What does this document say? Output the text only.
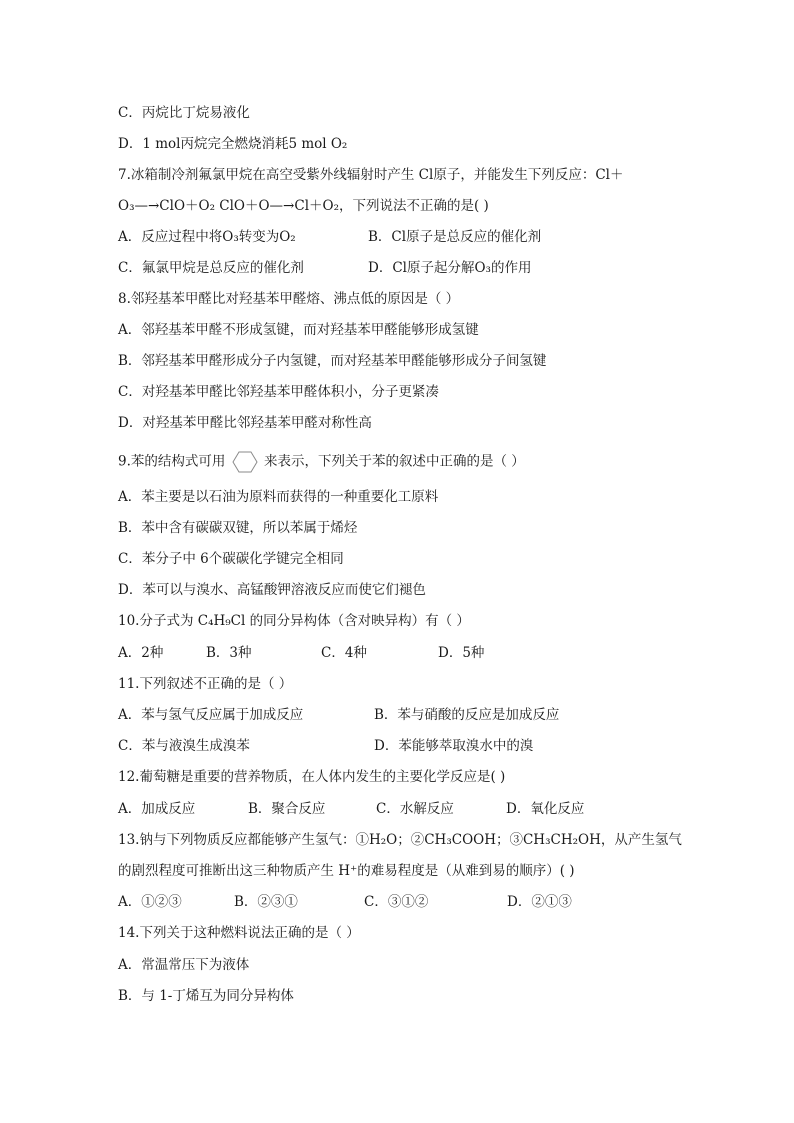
C．丙烷比丁烷易液化
D．1 mol丙烷完全燃烧消耗5 mol O₂
7.冰箱制冷剂氟氯甲烷在高空受紫外线辐射时产生 Cl原子，并能发生下列反应：Cl＋
O₃—→ClO＋O₂ ClO＋O—→Cl＋O₂，下列说法不正确的是( )
A．反应过程中将O₃转变为O₂	B．Cl原子是总反应的催化剂
C．氟氯甲烷是总反应的催化剂	D．Cl原子起分解O₃的作用
8.邻羟基苯甲醛比对羟基苯甲醛熔、沸点低的原因是（ ）
A．邻羟基苯甲醛不形成氢键，而对羟基苯甲醛能够形成氢键
B．邻羟基苯甲醛形成分子内氢键，而对羟基苯甲醛能够形成分子间氢键
C．对羟基苯甲醛比邻羟基苯甲醛体积小，分子更紧凑
D．对羟基苯甲醛比邻羟基苯甲醛对称性高
9.苯的结构式可用	来表示，下列关于苯的叙述中正确的是（ ）
A．苯主要是以石油为原料而获得的一种重要化工原料
B．苯中含有碳碳双键，所以苯属于烯烃
C．苯分子中 6个碳碳化学键完全相同
D．苯可以与溴水、高锰酸钾溶液反应而使它们褪色
10.分子式为 C₄H₉Cl 的同分异构体（含对映异构）有（ ）
A．2种	B．3种	C．4种	D．5种
11.下列叙述不正确的是（ ）
A．苯与氢气反应属于加成反应	B．苯与硝酸的反应是加成反应
C．苯与液溴生成溴苯	D．苯能够萃取溴水中的溴
12.葡萄糖是重要的营养物质，在人体内发生的主要化学反应是( )
A．加成反应	B．聚合反应	C．水解反应	D．氧化反应
13.钠与下列物质反应都能够产生氢气：①H₂O；②CH₃COOH；③CH₃CH₂OH，从产生氢气
的剧烈程度可推断出这三种物质产生 H⁺的难易程度是（从难到易的顺序）( )
A．①②③	B．②③①	C．③①②	D．②①③
14.下列关于这种燃料说法正确的是（ ）
A．常温常压下为液体
B．与 1-丁烯互为同分异构体
